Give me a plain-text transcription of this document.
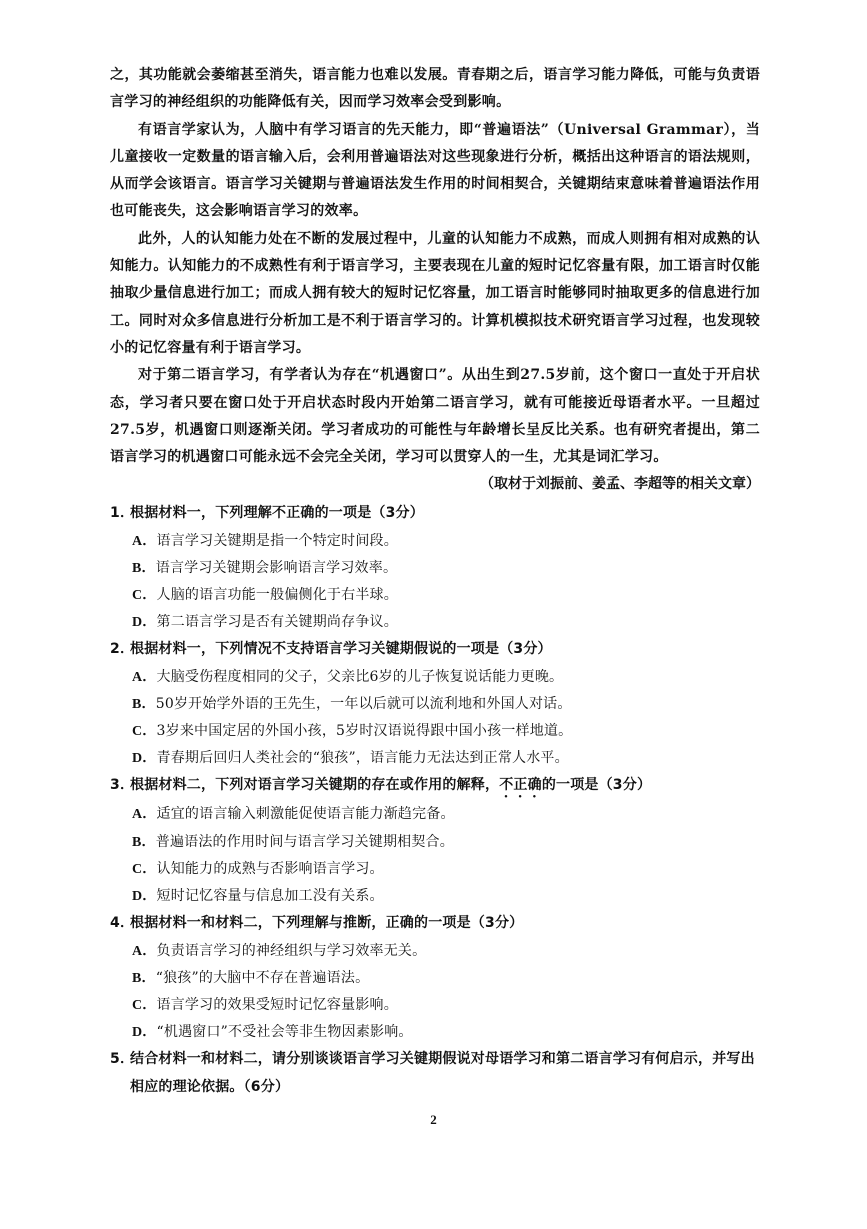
之，其功能就会萎缩甚至消失，语言能力也难以发展。青春期之后，语言学习能力降低，可能与负责语言学习的神经组织的功能降低有关，因而学习效率会受到影响。

有语言学家认为，人脑中有学习语言的先天能力，即“普遍语法”（Universal Grammar），当儿童接收一定数量的语言输入后，会利用普遍语法对这些现象进行分析，概括出这种语言的语法规则，从而学会该语言。语言学习关键期与普遍语法发生作用的时间相契合，关键期结束意味着普遍语法作用也可能丧失，这会影响语言学习的效率。

此外，人的认知能力处在不断的发展过程中，儿童的认知能力不成熟，而成人则拥有相对成熟的认知能力。认知能力的不成熟性有利于语言学习，主要表现在儿童的短时记忆容量有限，加工语言时仅能抽取少量信息进行加工；而成人拥有较大的短时记忆容量，加工语言时能够同时抽取更多的信息进行加工。同时对众多信息进行分析加工是不利于语言学习的。计算机模拟技术研究语言学习过程，也发现较小的记忆容量有利于语言学习。

对于第二语言学习，有学者认为存在“机遇窗口”。从出生到27.5岁前，这个窗口一直处于开启状态，学习者只要在窗口处于开启状态时段内开始第二语言学习，就有可能接近母语者水平。一旦超过27.5岁，机遇窗口则逐渐关闭。学习者成功的可能性与年龄增长呈反比关系。也有研究者提出，第二语言学习的机遇窗口可能永远不会完全关闭，学习可以贯穿人的一生，尤其是词汇学习。

（取材于刘振前、姜孟、李超等的相关文章）

1．根据材料一，下列理解不正确的一项是（3分）

A．语言学习关键期是指一个特定时间段。

B．语言学习关键期会影响语言学习效率。

C．人脑的语言功能一般偏侧化于右半球。

D．第二语言学习是否有关键期尚存争议。

2．根据材料一，下列情况不支持语言学习关键期假说的一项是（3分）

A．大脑受伤程度相同的父子，父亲比6岁的儿子恢复说话能力更晚。

B．50岁开始学外语的王先生，一年以后就可以流利地和外国人对话。

C．3岁来中国定居的外国小孩，5岁时汉语说得跟中国小孩一样地道。

D．青春期后回归人类社会的“狼孩”，语言能力无法达到正常人水平。

3．根据材料二，下列对语言学习关键期的存在或作用的解释，不正确的一项是（3分）

A．适宜的语言输入刺激能促使语言能力渐趋完备。

B．普遍语法的作用时间与语言学习关键期相契合。

C．认知能力的成熟与否影响语言学习。

D．短时记忆容量与信息加工没有关系。

4．根据材料一和材料二，下列理解与推断，正确的一项是（3分）

A．负责语言学习的神经组织与学习效率无关。

B．“狼孩”的大脑中不存在普遍语法。

C．语言学习的效果受短时记忆容量影响。

D．“机遇窗口”不受社会等非生物因素影响。

5．
结合材料一和材料二，请分别谈谈语言学习关键期假说对母语学习和第二语言学习有何启示，并写出相应的理论依据。（6分）

2
